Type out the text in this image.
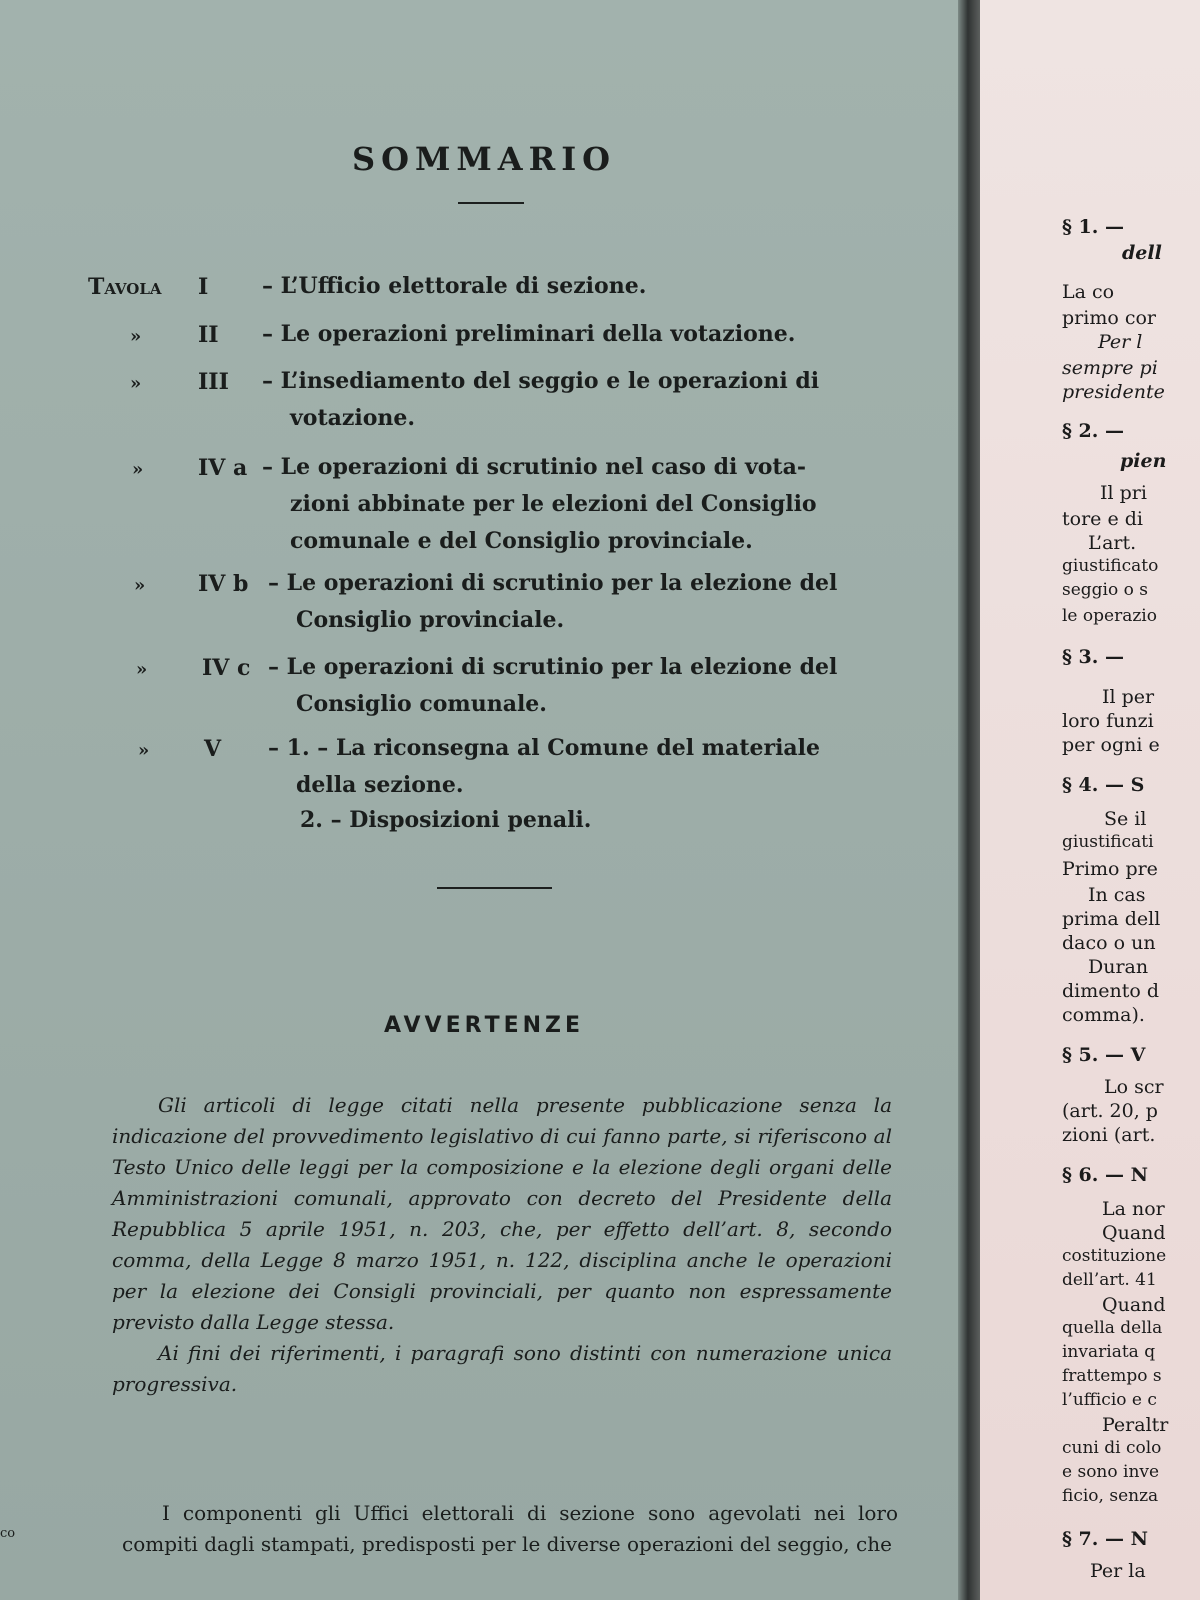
SOMMARIO
Tavola I – L’Ufficio elettorale di sezione.
»	II – Le operazioni preliminari della votazione.
»	III – L’insediamento del seggio e le operazioni di
votazione.
» IV a – Le operazioni di scrutinio nel caso di vota-
zioni abbinate per le elezioni del Consiglio
comunale e del Consiglio provinciale.
» IV b – Le operazioni di scrutinio per la elezione del
Consiglio provinciale.
» IV c – Le operazioni di scrutinio per la elezione del
Consiglio comunale.
» V – 1. – La riconsegna al Comune del materiale
della sezione.
2. – Disposizioni penali.
AVVERTENZE

Gli articoli di legge citati nella presente pubblicazione senza la indicazione del provvedimento legislativo di cui fanno parte, si riferiscono al Testo Unico delle leggi per la composizione e la elezione degli organi delle Amministrazioni comunali, approvato con decreto del Presidente della Repubblica 5 aprile 1951, n. 203, che, per effetto dell’art. 8, secondo comma, della Legge 8 marzo 1951, n. 122, disciplina anche le operazioni per la elezione dei Consigli provinciali, per quanto non espressamente previsto dalla Legge stessa.

Ai fini dei riferimenti, i paragrafi sono distinti con numerazione unica progressiva.

I componenti gli Uffici elettorali di sezione sono agevolati nei loro compiti dagli stampati, predisposti per le diverse operazioni del seggio, che

co
§ 1. —
dell
La co
primo cor
Per l
sempre pi
presidente
§ 2. —
pien
Il pri
tore e di
L’art.
giustificato
seggio o s
le operazio
§ 3. —
Il per
loro funzi
per ogni e
§ 4. — S
Se il
giustificati
Primo pre
In cas
prima dell
daco o un
Duran
dimento d
comma).
§ 5. — V
Lo scr
(art. 20, p
zioni (art.
§ 6. — N
La nor
Quand
costituzione
dell’art. 41
Quand
quella della
invariata q
frattempo s
l’ufficio e c
Peraltr
cuni di colo
e sono inve
ficio, senza
§ 7. — N
Per la
